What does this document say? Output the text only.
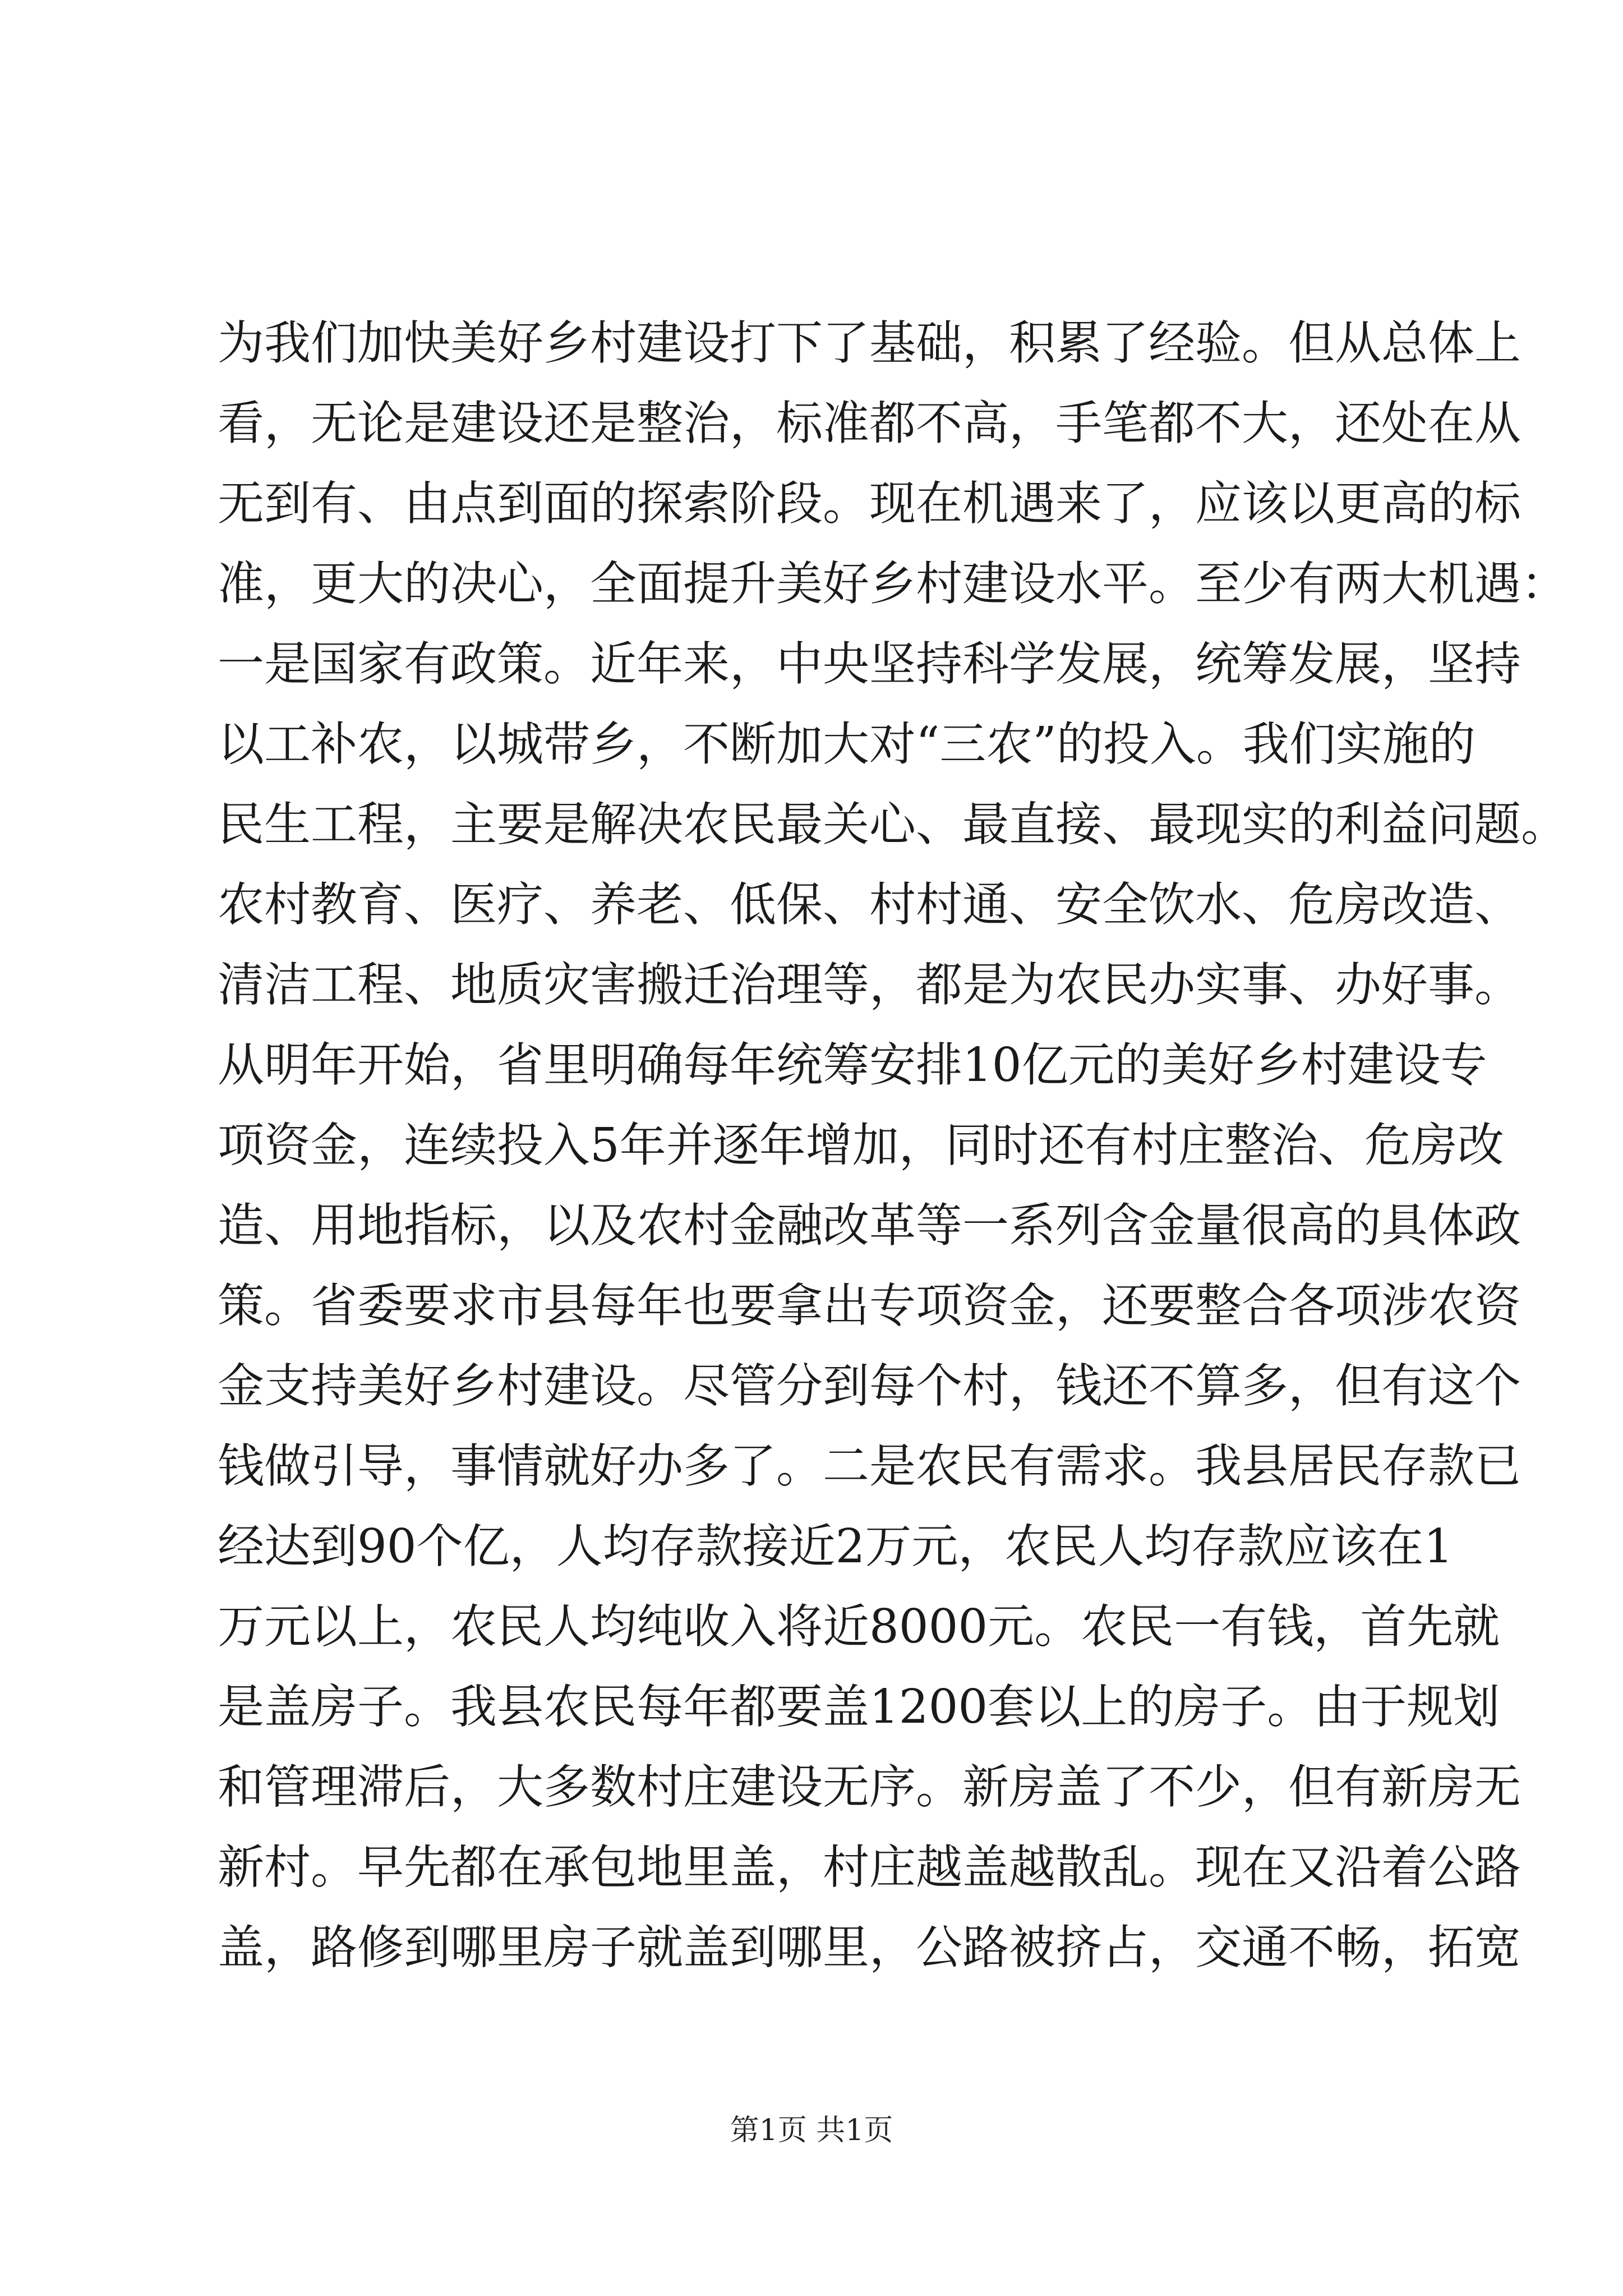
为我们加快美好乡村建设打下了基础，积累了经验。但从总体上
看，无论是建设还是整治，标准都不高，手笔都不大，还处在从
无到有、由点到面的探索阶段。现在机遇来了，应该以更高的标
准，更大的决心，全面提升美好乡村建设水平。至少有两大机遇：
一是国家有政策。近年来，中央坚持科学发展，统筹发展，坚持
以工补农，以城带乡，不断加大对“三农”的投入。我们实施的
民生工程，主要是解决农民最关心、最直接、最现实的利益问题。
农村教育、医疗、养老、低保、村村通、安全饮水、危房改造、
清洁工程、地质灾害搬迁治理等，都是为农民办实事、办好事。
从明年开始，省里明确每年统筹安排10亿元的美好乡村建设专
项资金，连续投入5年并逐年增加，同时还有村庄整治、危房改
造、用地指标，以及农村金融改革等一系列含金量很高的具体政
策。省委要求市县每年也要拿出专项资金，还要整合各项涉农资
金支持美好乡村建设。尽管分到每个村，钱还不算多，但有这个
钱做引导，事情就好办多了。二是农民有需求。我县居民存款已
经达到90个亿，人均存款接近2万元，农民人均存款应该在1
万元以上，农民人均纯收入将近8000元。农民一有钱，首先就
是盖房子。我县农民每年都要盖1200套以上的房子。由于规划
和管理滞后，大多数村庄建设无序。新房盖了不少，但有新房无
新村。早先都在承包地里盖，村庄越盖越散乱。现在又沿着公路
盖，路修到哪里房子就盖到哪里，公路被挤占，交通不畅，拓宽
第1页 共1页
